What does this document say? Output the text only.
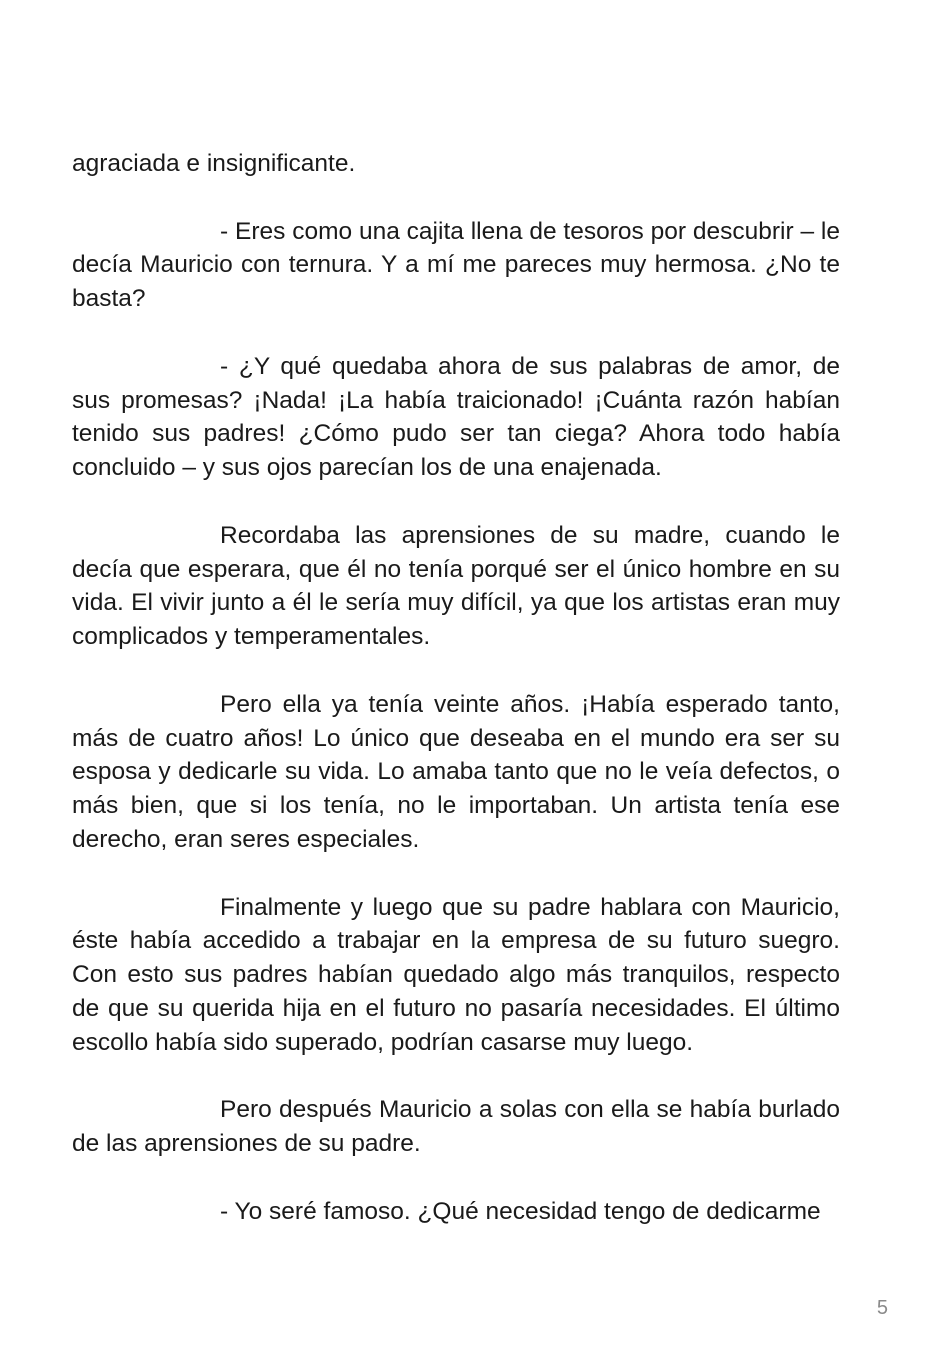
agraciada e insignificante.

- Eres como una cajita llena de tesoros por descubrir – le decía Mauricio con ternura. Y a mí me pareces muy hermosa. ¿No te basta?

- ¿Y qué quedaba ahora de sus palabras de amor, de sus promesas? ¡Nada! ¡La había traicionado! ¡Cuánta razón habían tenido sus padres! ¿Cómo pudo ser tan ciega? Ahora todo había concluido – y sus ojos parecían los de una enajenada.

Recordaba las aprensiones de su madre, cuando le decía que esperara, que él no tenía porqué ser el único hombre en su vida. El vivir junto a él le sería muy difícil, ya que los artistas eran muy complicados y temperamentales.

Pero ella ya tenía veinte años. ¡Había esperado tanto, más de cuatro años! Lo único que deseaba en el mundo era ser su esposa y dedicarle su vida. Lo amaba tanto que no le veía defectos, o más bien, que si los tenía, no le importaban. Un artista tenía ese derecho, eran seres especiales.

Finalmente y luego que su padre hablara con Mauricio, éste había accedido a trabajar en la empresa de su futuro suegro. Con esto sus padres habían quedado algo más tranquilos, respecto de que su querida hija en el futuro no pasaría necesidades. El último escollo había sido superado, podrían casarse muy luego.

Pero después Mauricio a solas con ella se había burlado de las aprensiones de su padre.

- Yo seré famoso. ¿Qué necesidad tengo de dedicarme

5
